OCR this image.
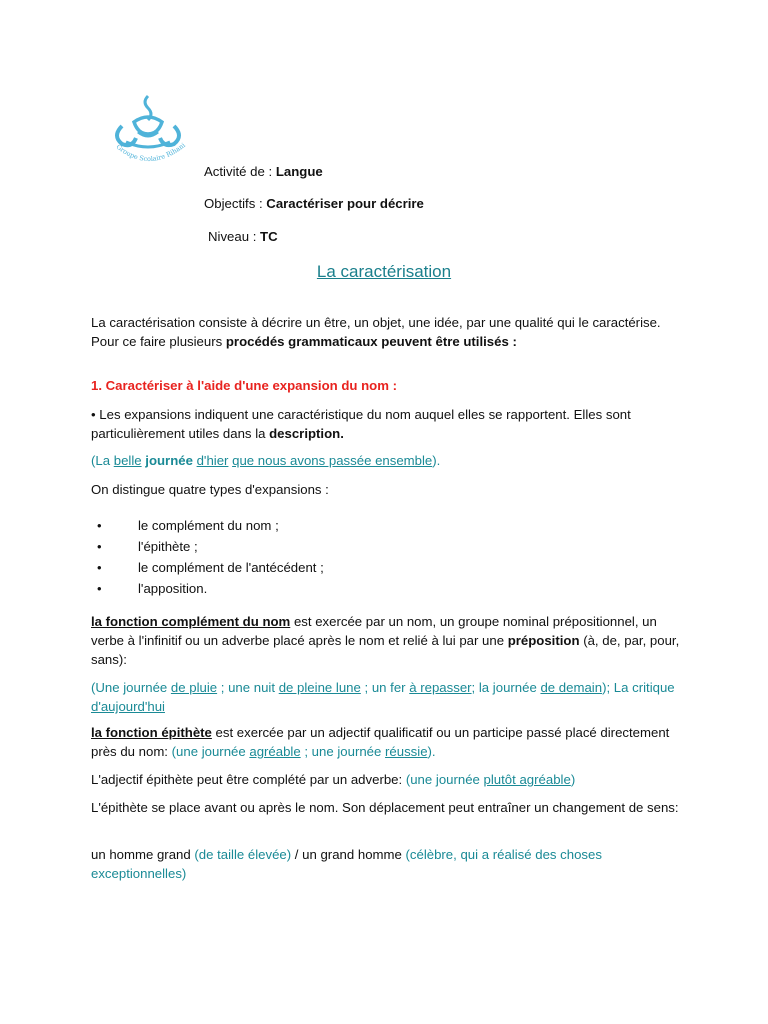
Groupe Scolaire Rihani
Activité de : Langue
Objectifs : Caractériser pour décrire
Niveau : TC
La caractérisation
La caractérisation consiste à décrire un être, un objet, une idée, par une qualité qui le caractérise. Pour ce faire plusieurs procédés grammaticaux peuvent être utilisés :
1. Caractériser à l'aide d'une expansion du nom :
• Les expansions indiquent une caractéristique du nom auquel elles se rapportent. Elles sont particulièrement utiles dans la description.
(La belle journée d'hier que nous avons passée ensemble).
On distingue quatre types d'expansions :
•	le complément du nom ;
•	l'épithète ;
•	le complément de l'antécédent ;
•	l'apposition.
la fonction complément du nom est exercée par un nom, un groupe nominal prépositionnel, un verbe à l'infinitif ou un adverbe placé après le nom et relié à lui par une préposition (à, de, par, pour, sans):
(Une journée de pluie ; une nuit de pleine lune ; un fer à repasser; la journée de demain); La critique d'aujourd'hui
la fonction épithète est exercée par un adjectif qualificatif ou un participe passé placé directement près du nom: (une journée agréable ; une journée réussie).
L'adjectif épithète peut être complété par un adverbe: (une journée plutôt agréable)
L'épithète se place avant ou après le nom. Son déplacement peut entraîner un changement de sens:
un homme grand (de taille élevée) / un grand homme (célèbre, qui a réalisé des choses exceptionnelles)
